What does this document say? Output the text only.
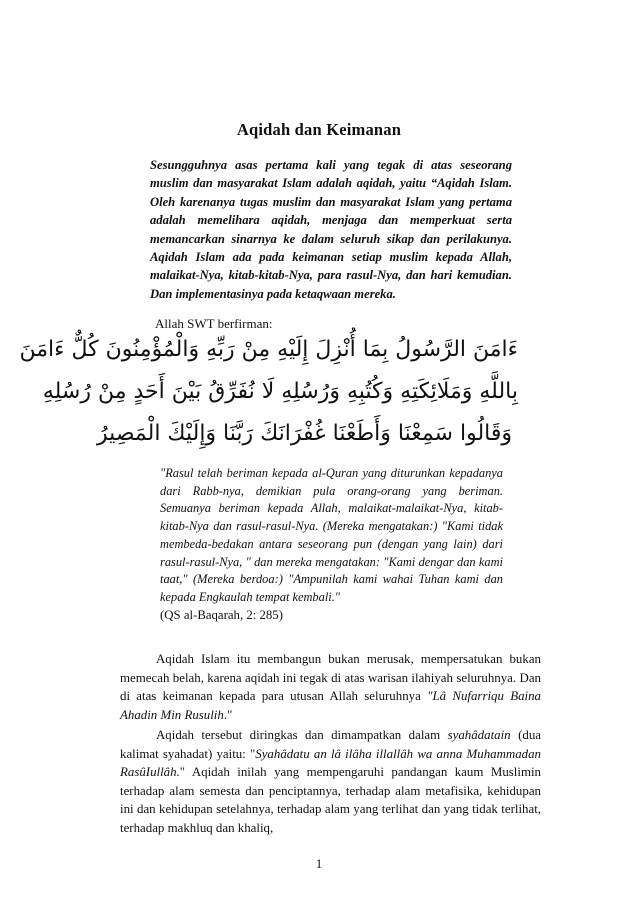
Aqidah dan Keimanan

Sesungguhnya asas pertama kali yang tegak di atas seseorang muslim dan masyarakat Islam adalah aqidah, yaitu “Aqidah Islam. Oleh karenanya tugas muslim dan masyarakat Islam yang pertama adalah memelihara aqidah, menjaga dan memperkuat serta memancarkan sinarnya ke dalam seluruh sikap dan perilakunya. Aqidah Islam ada pada keimanan setiap muslim kepada Allah, malaikat-Nya, kitab-kitab-Nya, para rasul-Nya, dan hari kemudian. Dan implementasinya pada ketaqwaan mereka.

Allah SWT berfirman:

ءَامَنَ الرَّسُولُ بِمَا أُنْزِلَ إِلَيْهِ مِنْ رَبِّهِ وَالْمُؤْمِنُونَ كُلٌّ ءَامَنَ
بِاللَّهِ وَمَلَائِكَتِهِ وَكُتُبِهِ وَرُسُلِهِ لَا نُفَرِّقُ بَيْنَ أَحَدٍ مِنْ رُسُلِهِ
وَقَالُوا سَمِعْنَا وَأَطَعْنَا غُفْرَانَكَ رَبَّنَا وَإِلَيْكَ الْمَصِيرُ

"Rasul telah beriman kepada al-Quran yang diturunkan kepadanya dari Rabb-nya, demikian pula orang-orang yang beriman. Semuanya beriman kepada Allah, malaikat-malaikat-Nya, kitab-kitab-Nya dan rasul-rasul-Nya. (Mereka mengatakan:) "Kami tidak membeda-bedakan antara seseorang pun (dengan yang lain) dari rasul-rasul-Nya, " dan mereka mengatakan: "Kami dengar dan kami taat," (Mereka berdoa:) "Ampunilah kami wahai Tuhan kami dan kepada Engkaulah tempat kembali."

(QS al-Baqarah, 2: 285)

Aqidah Islam itu membangun bukan merusak, mempersatukan bukan memecah belah, karena aqidah ini tegak di atas warisan ilahiyah seluruhnya. Dan di atas keimanan kepada para utusan Allah seluruhnya "Lâ Nufarriqu Baina Ahadin Min Rusulih."

Aqidah tersebut diringkas dan dimampatkan dalam syahâdatain (dua kalimat syahadat) yaitu: "Syahâdatu an lâ ilâha illallâh wa anna Muhammadan RasûIullâh." Aqidah inilah yang mempengaruhi pandangan kaum Muslimin terhadap alam semesta dan penciptannya, terhadap alam metafisika, kehidupan ini dan kehidupan setelahnya, terhadap alam yang terlihat dan yang tidak terlihat, terhadap makhluq dan khaliq,

1
